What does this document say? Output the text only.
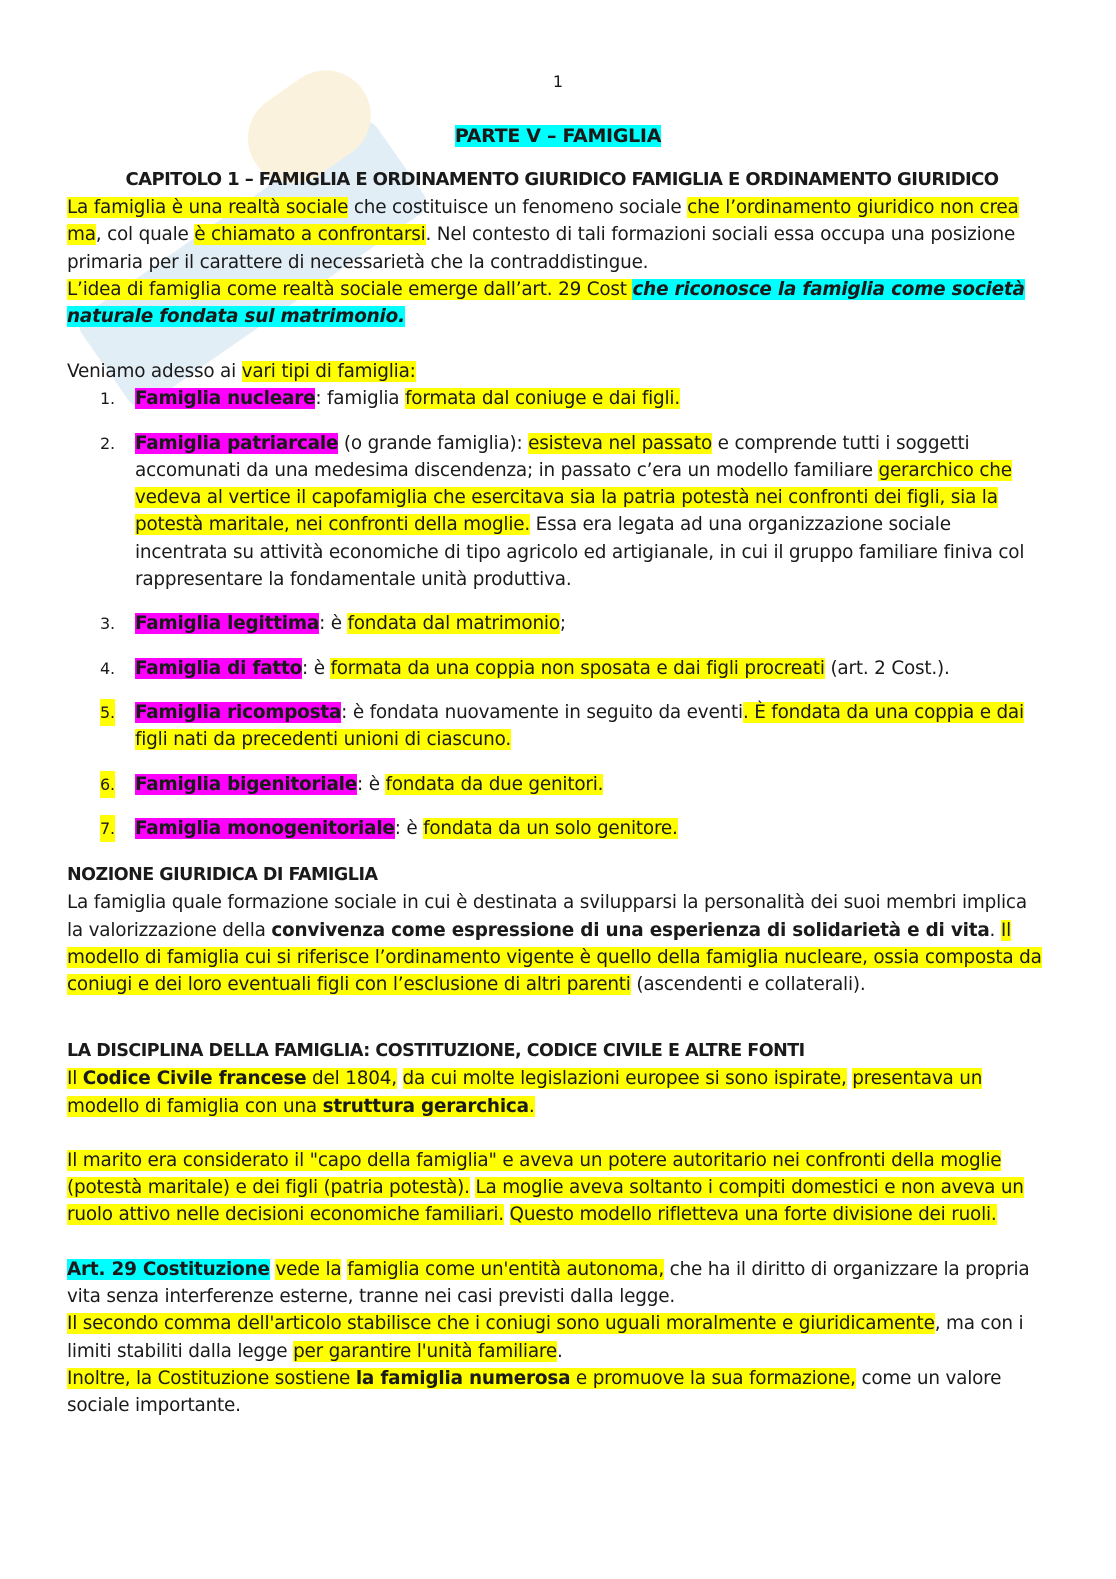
1
PARTE V – FAMIGLIA
CAPITOLO 1 – FAMIGLIA E ORDINAMENTO GIURIDICO FAMIGLIA E ORDINAMENTO GIURIDICO

La famiglia è una realtà sociale che costituisce un fenomeno sociale che l’ordinamento giuridico non crea ma, col quale è chiamato a confrontarsi. Nel contesto di tali formazioni sociali essa occupa una posizione primaria per il carattere di necessarietà che la contraddistingue.

L’idea di famiglia come realtà sociale emerge dall’art. 29 Cost che riconosce la famiglia come società naturale fondata sul matrimonio.

Veniamo adesso ai vari tipi di famiglia:

1. Famiglia nucleare: famiglia formata dal coniuge e dai figli.
2. Famiglia patriarcale (o grande famiglia): esisteva nel passato e comprende tutti i soggetti accomunati da una medesima discendenza; in passato c’era un modello familiare gerarchico che vedeva al vertice il capofamiglia che esercitava sia la patria potestà nei confronti dei figli, sia la potestà maritale, nei confronti della moglie. Essa era legata ad una organizzazione sociale incentrata su attività economiche di tipo agricolo ed artigianale, in cui il gruppo familiare finiva col rappresentare la fondamentale unità produttiva.
3. Famiglia legittima: è fondata dal matrimonio;
4. Famiglia di fatto: è formata da una coppia non sposata e dai figli procreati (art. 2 Cost.).
5. Famiglia ricomposta: è fondata nuovamente in seguito da eventi. È fondata da una coppia e dai figli nati da precedenti unioni di ciascuno.
6. Famiglia bigenitoriale: è fondata da due genitori.
7. Famiglia monogenitoriale: è fondata da un solo genitore.

NOZIONE GIURIDICA DI FAMIGLIA

La famiglia quale formazione sociale in cui è destinata a svilupparsi la personalità dei suoi membri implica la valorizzazione della convivenza come espressione di una esperienza di solidarietà e di vita. Il modello di famiglia cui si riferisce l’ordinamento vigente è quello della famiglia nucleare, ossia composta da coniugi e dei loro eventuali figli con l’esclusione di altri parenti (ascendenti e collaterali).

LA DISCIPLINA DELLA FAMIGLIA: COSTITUZIONE, CODICE CIVILE E ALTRE FONTI

Il Codice Civile francese del 1804, da cui molte legislazioni europee si sono ispirate, presentava un modello di famiglia con una struttura gerarchica.

Il marito era considerato il "capo della famiglia" e aveva un potere autoritario nei confronti della moglie (potestà maritale) e dei figli (patria potestà). La moglie aveva soltanto i compiti domestici e non aveva un ruolo attivo nelle decisioni economiche familiari. Questo modello rifletteva una forte divisione dei ruoli.

Art. 29 Costituzione vede la famiglia come un'entità autonoma, che ha il diritto di organizzare la propria vita senza interferenze esterne, tranne nei casi previsti dalla legge.

Il secondo comma dell'articolo stabilisce che i coniugi sono uguali moralmente e giuridicamente, ma con i limiti stabiliti dalla legge per garantire l'unità familiare.

Inoltre, la Costituzione sostiene la famiglia numerosa e promuove la sua formazione, come un valore sociale importante.
